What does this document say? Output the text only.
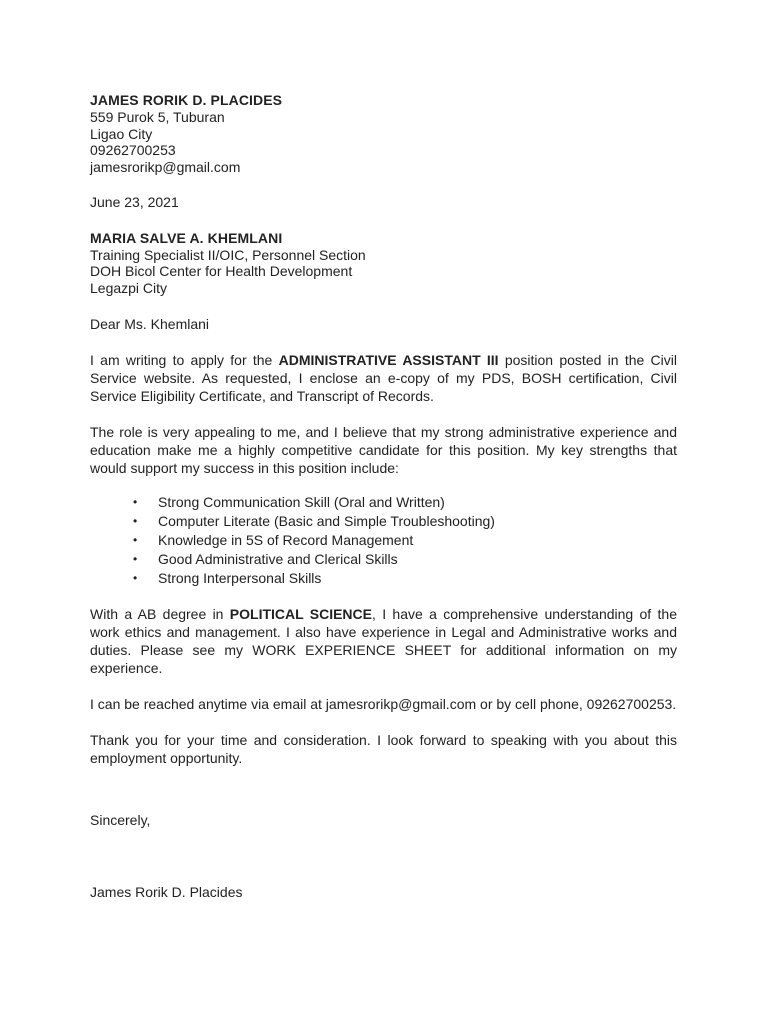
JAMES RORIK D. PLACIDES

559 Purok 5, Tuburan

Ligao City

09262700253

jamesrorikp@gmail.com

June 23, 2021

MARIA SALVE A. KHEMLANI

Training Specialist II/OIC, Personnel Section

DOH Bicol Center for Health Development

Legazpi City

Dear Ms. Khemlani

I am writing to apply for the ADMINISTRATIVE ASSISTANT III position posted in the Civil Service website. As requested, I enclose an e-copy of my PDS, BOSH certification, Civil Service Eligibility Certificate, and Transcript of Records.

The role is very appealing to me, and I believe that my strong administrative experience and education make me a highly competitive candidate for this position. My key strengths that would support my success in this position include:

• Strong Communication Skill (Oral and Written)
• Computer Literate (Basic and Simple Troubleshooting)
• Knowledge in 5S of Record Management
• Good Administrative and Clerical Skills
• Strong Interpersonal Skills

With a AB degree in POLITICAL SCIENCE, I have a comprehensive understanding of the work ethics and management. I also have experience in Legal and Administrative works and duties. Please see my WORK EXPERIENCE SHEET for additional information on my experience.

I can be reached anytime via email at jamesrorikp@gmail.com or by cell phone, 09262700253.

Thank you for your time and consideration. I look forward to speaking with you about this employment opportunity.

Sincerely,

James Rorik D. Placides
